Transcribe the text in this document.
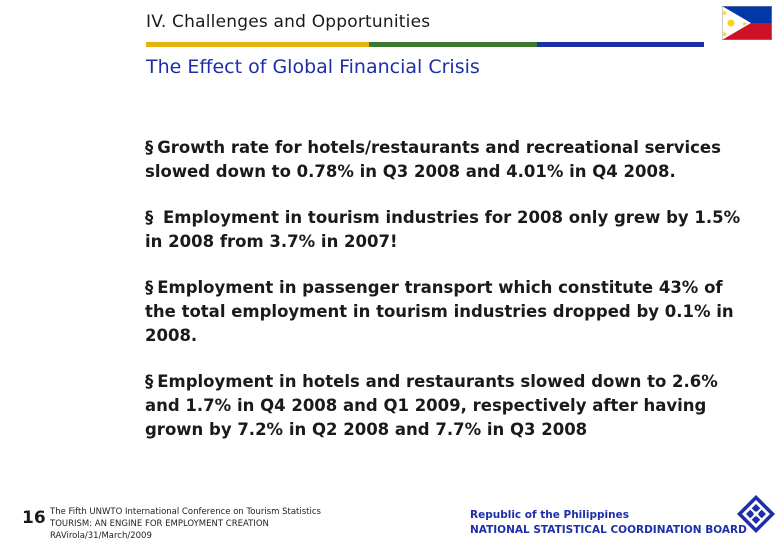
IV. Challenges and Opportunities
The Effect of Global Financial Crisis
§ Growth rate for hotels/restaurants and recreational services slowed down to 0.78% in Q3 2008 and 4.01% in Q4 2008.
§ Employment in tourism industries for 2008 only grew by 1.5% in 2008 from 3.7% in 2007!
§ Employment in passenger transport which constitute 43% of the total employment in tourism industries dropped by 0.1% in 2008.
§ Employment in hotels and restaurants slowed down to 2.6% and 1.7% in Q4 2008 and Q1 2009, respectively after having grown by 7.2% in Q2 2008 and 7.7% in Q3 2008
16 The Fifth UNWTO International Conference on Tourism Statistics
TOURISM: AN ENGINE FOR EMPLOYMENT CREATION
RAVirola/31/March/2009
Republic of the Philippines
NATIONAL STATISTICAL COORDINATION BOARD
